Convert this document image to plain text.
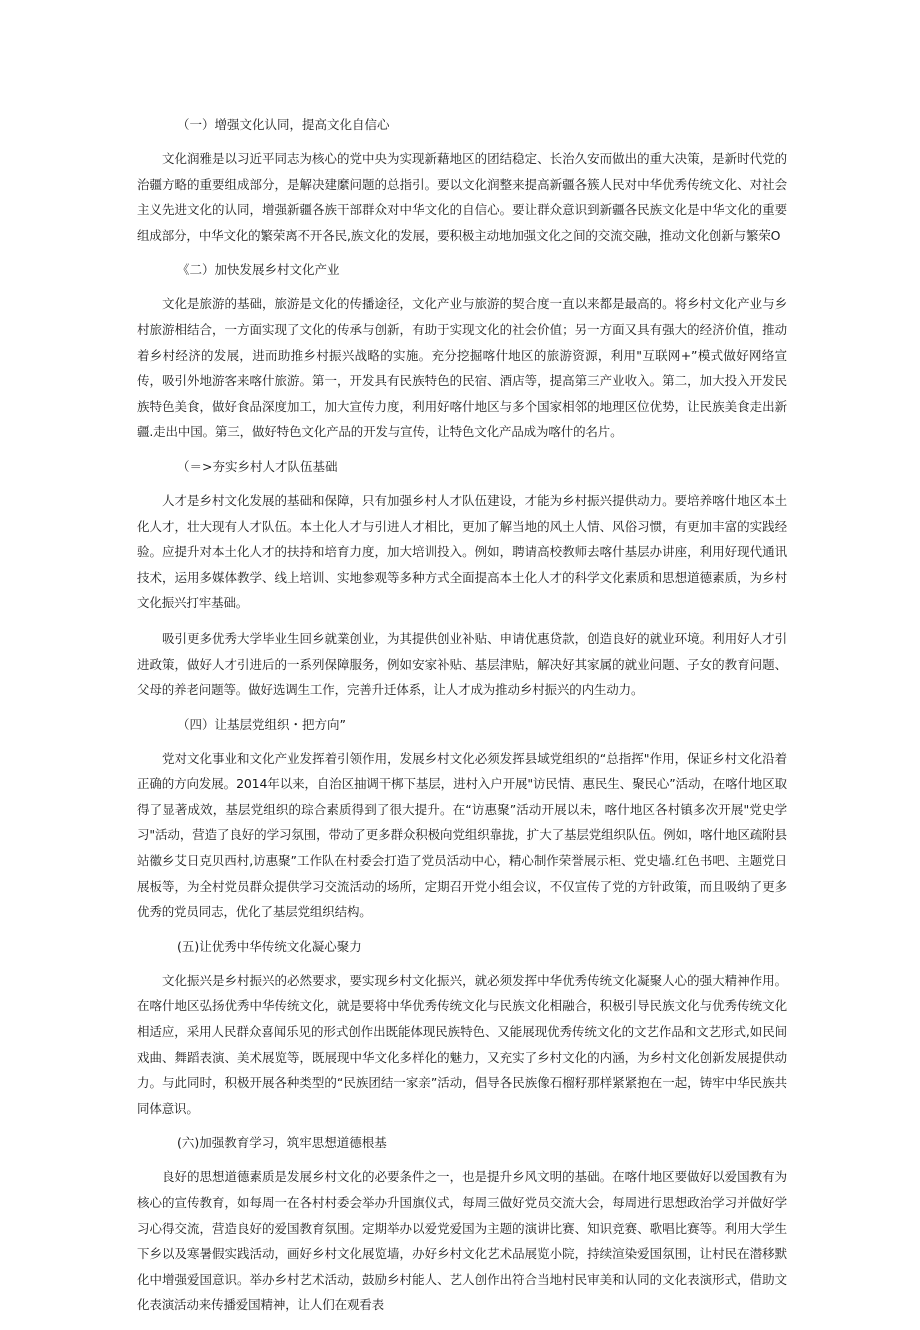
（一）增强文化认同，提高文化自信心

文化润雅是以习近平同志为核心的党中央为实现新藉地区的团结稳定、长治久安而做出的重大决策，是新时代党的治疆方略的重要组成部分，是解决建縻问题的总指引。要以文化润整来提高新疆各簇人民对中华优秀传统文化、对社会主义先进文化的认同，增强新疆各族干部群众对中华文化的自信心。要让群众意识到新疆各民族文化是中华文化的重要组成部分，中华文化的繁荣离不开各民,族文化的发展，要积极主动地加强文化之间的交流交融，推动文化创新与繁荣O

《二）加快发展乡村文化产业

文化是旅游的基础，旅游是文化的传播途径，文化产业与旅游的契合度一直以来都是最高的。将乡村文化产业与乡村旅游相结合，一方面实现了文化的传承与创新，有助于实现文化的社会价值；另一方面又具有强大的经济价值，推动着乡村经济的发展，进而助推乡村振兴战略的实施。充分挖掘喀什地区的旅游资源，利用"互联网+”模式做好网络宣传，吸引外地游客来喀什旅游。第一，开发具有民族特色的民宿、酒店等，提高第三产业收入。第二，加大投入开发民族特色美食，做好食品深度加工，加大宣传力度，利用好喀什地区与多个国家相邻的地理区位优势，让民族美食走出新疆.走出中国。第三，做好特色文化产品的开发与宣传，让特色文化产品成为喀什的名片。

（＝>夯实乡村人才队伍基础

人才是乡村文化发展的基础和保障，只有加强乡村人才队伍建设，才能为乡村振兴提供动力。要培养喀什地区本土化人才，壮大现有人才队伍。本土化人才与引进人才相比，更加了解当地的风土人情、风俗习惯，有更加丰富的实践经验。应提升对本土化人才的扶持和培育力度，加大培训投入。例如，聘请高校教师去喀什基层办讲座，利用好现代通讯技术，运用多媒体教学、线上培训、实地参观等多种方式全面提高本土化人才的科学文化素质和思想道德素质，为乡村文化振兴打牢基础。

吸引更多优秀大学毕业生回乡就業创业，为其提供创业补贴、申请优惠贷款，创造良好的就业环境。利用好人才引进政策，做好人才引进后的一系列保障服务，例如安家补贴、基层津贴，解决好其家属的就业问题、子女的教育问题、父母的养老问题等。做好选调生工作，完善升迁体系，让人才成为推动乡村振兴的内生动力。

（四）让基层党组织・把方向”

党对文化事业和文化产业发挥着引领作用，发展乡村文化必须发挥县域党组织的“总指挥"作用，保证乡村文化沿着正确的方向发展。2014年以来，自治区抽调干梆下基层，进村入户开展"访民情、惠民生、聚民心”活动，在喀什地区取得了显著成效，基层党组织的琮合素质得到了很大提升。在“访惠聚”活动开展以未，喀什地区各村镇多次开展"党史学习"活动，营造了良好的学习氛围，带动了更多群众积极向党组织靠拢，扩大了基层党组织队伍。例如，喀什地区疏附县站徽乡艾日克贝西村,访惠聚”工作队在村委会打造了党员活动中心，精心制作荣誉展示柜、党史墙.红色书吧、主题党日展板等，为全村党员群众提供学习交流活动的场所，定期召开党小组会议，不仅宣传了党的方针政策，而且吸纳了更多优秀的党员同志，优化了基层党组织结构。

(五)让优秀中华传统文化凝心聚力

文化振兴是乡村振兴的必然要求，要实现乡村文化振兴，就必须发挥中华优秀传统文化凝聚人心的强大精神作用。在喀什地区弘扬优秀中华传统文化，就是要将中华优秀传统文化与民族文化相融合，积极引导民族文化与优秀传统文化相适应，采用人民群众喜闻乐见的形式创作出既能体现民族特色、又能展现优秀传统文化的文艺作品和文艺形式,如民间戏曲、舞蹈表演、美术展览等，既展现中华文化多样化的魅力，又充实了乡村文化的内涵，为乡村文化创新发展提供动力。与此同时，积极开展各种类型的“民族团结一家亲”活动，倡导各民族像石榴籽那样紧紧抱在一起，铸牢中华民族共同体意识。

(六)加强教育学习，筑牢思想道德根基

良好的思想道德素质是发展乡村文化的必要条件之一，也是提升乡风文明的基础。在喀什地区要做好以爱国教有为核心的宣传教育，如每周一在各村村委会举办升国旗仪式，每周三做好党员交流大会，每周进行思想政治学习并做好学习心得交流，营造良好的爱国教育氛围。定期举办以爱党爱国为主题的演讲比赛、知识竞赛、歌唱比赛等。利用大学生下乡以及寒暑假实践活动，画好乡村文化展览墙，办好乡村文化艺术品展览小院，持续渲染爱国氛围，让村民在潜移默化中增强爱国意识。举办乡村艺术活动，鼓励乡村能人、艺人创作出符合当地村民审美和认同的文化表演形式，借助文化表演活动来传播爱国精神，让人们在观看表
